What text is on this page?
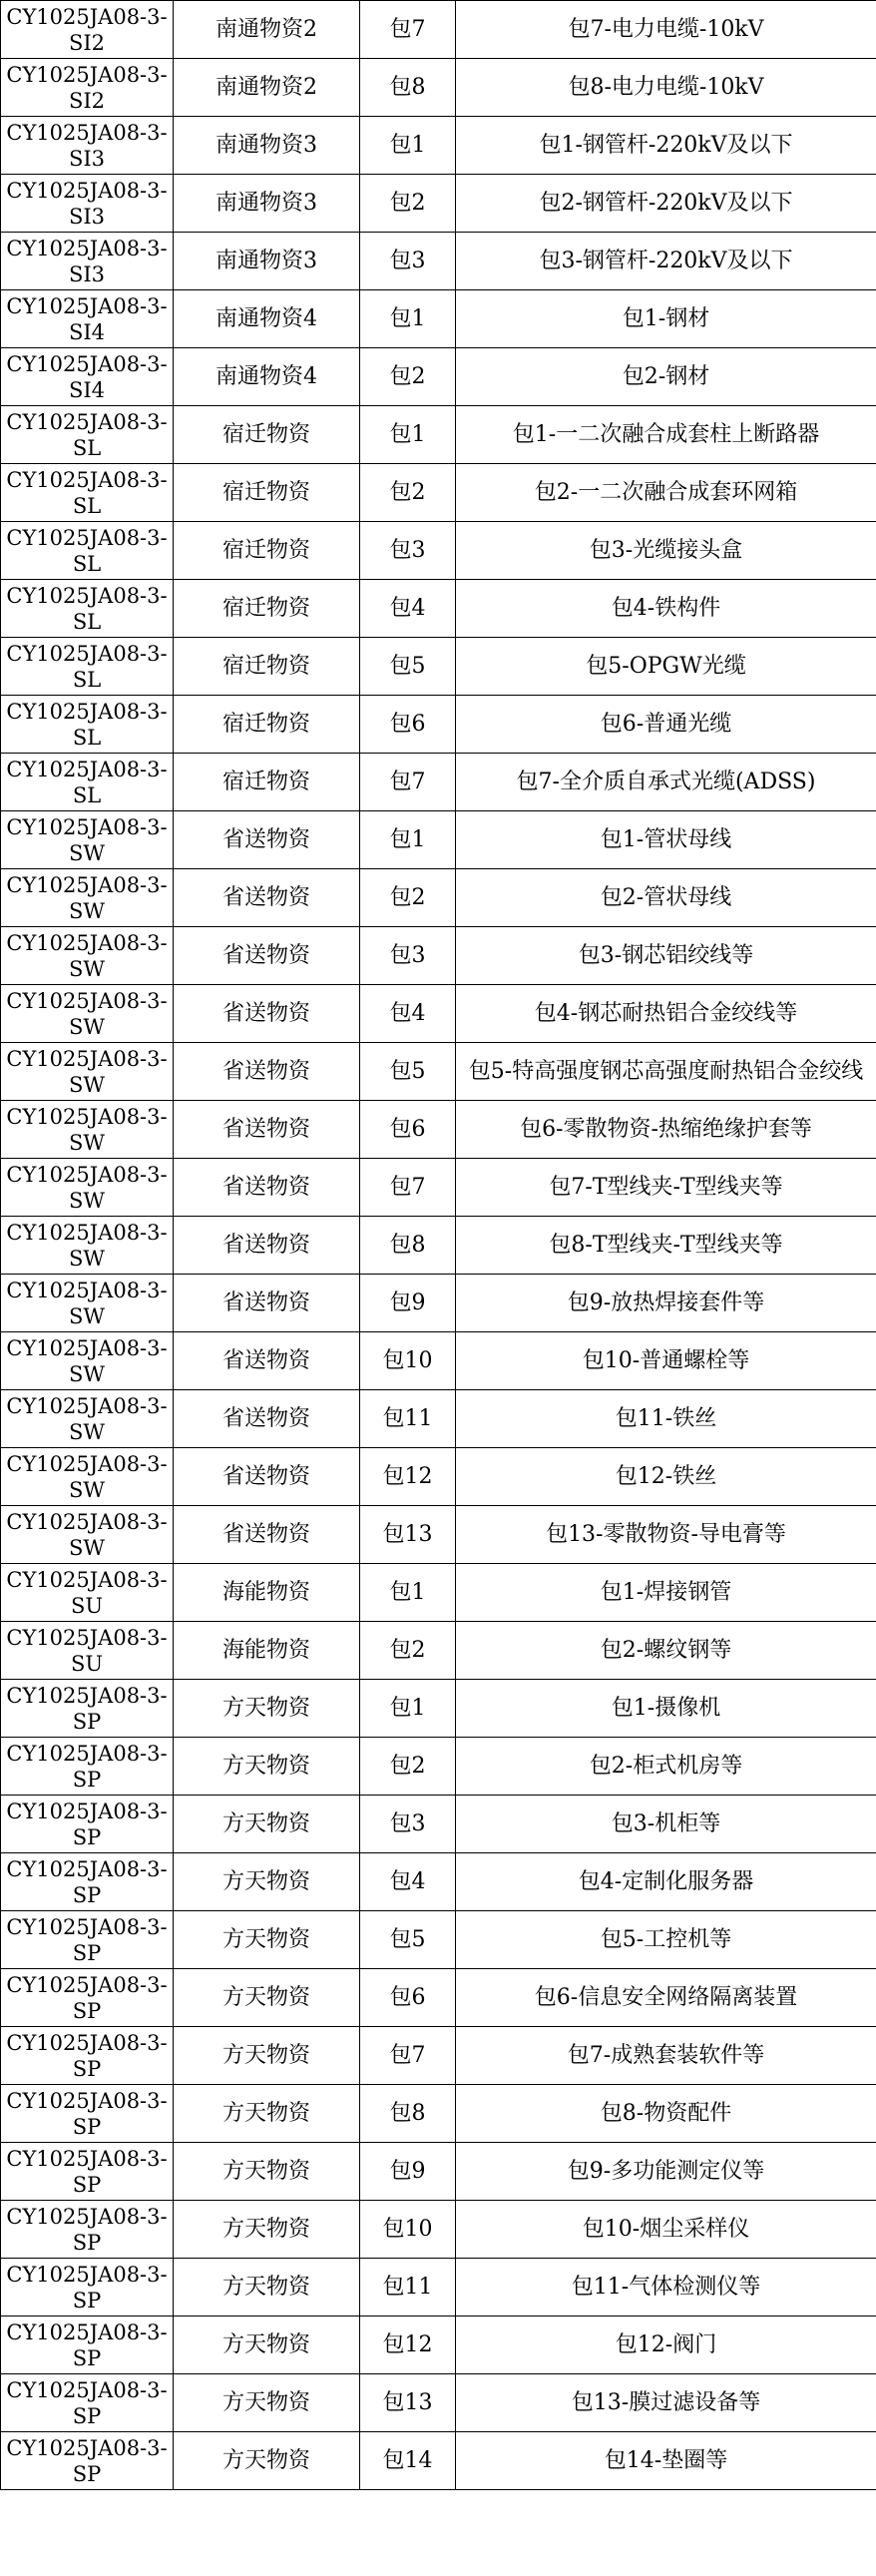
CY1025JA08-3-
SI2	南通物资2	包7	包7-电力电缆-10kV

CY1025JA08-3-
SI2	南通物资2	包8	包8-电力电缆-10kV

CY1025JA08-3-
SI3	南通物资3	包1	包1-钢管杆-220kV及以下

CY1025JA08-3-
SI3	南通物资3	包2	包2-钢管杆-220kV及以下

CY1025JA08-3-
SI3	南通物资3	包3	包3-钢管杆-220kV及以下

CY1025JA08-3-
SI4	南通物资4	包1	包1-钢材

CY1025JA08-3-
SI4	南通物资4	包2	包2-钢材

CY1025JA08-3-
SL	宿迁物资	包1	包1-一二次融合成套柱上断路器

CY1025JA08-3-
SL	宿迁物资	包2	包2-一二次融合成套环网箱

CY1025JA08-3-
SL	宿迁物资	包3	包3-光缆接头盒

CY1025JA08-3-
SL	宿迁物资	包4	包4-铁构件

CY1025JA08-3-
SL	宿迁物资	包5	包5-OPGW光缆

CY1025JA08-3-
SL	宿迁物资	包6	包6-普通光缆

CY1025JA08-3-
SL	宿迁物资	包7	包7-全介质自承式光缆(ADSS)

CY1025JA08-3-
SW	省送物资	包1	包1-管状母线

CY1025JA08-3-
SW	省送物资	包2	包2-管状母线

CY1025JA08-3-
SW	省送物资	包3	包3-钢芯铝绞线等

CY1025JA08-3-
SW	省送物资	包4	包4-钢芯耐热铝合金绞线等

CY1025JA08-3-
SW	省送物资	包5	包5-特高强度钢芯高强度耐热铝合金绞线

CY1025JA08-3-
SW	省送物资	包6	包6-零散物资-热缩绝缘护套等

CY1025JA08-3-
SW	省送物资	包7	包7-T型线夹-T型线夹等

CY1025JA08-3-
SW	省送物资	包8	包8-T型线夹-T型线夹等

CY1025JA08-3-
SW	省送物资	包9	包9-放热焊接套件等

CY1025JA08-3-
SW	省送物资	包10	包10-普通螺栓等

CY1025JA08-3-
SW	省送物资	包11	包11-铁丝

CY1025JA08-3-
SW	省送物资	包12	包12-铁丝

CY1025JA08-3-
SW	省送物资	包13	包13-零散物资-导电膏等

CY1025JA08-3-
SU	海能物资	包1	包1-焊接钢管

CY1025JA08-3-
SU	海能物资	包2	包2-螺纹钢等

CY1025JA08-3-
SP	方天物资	包1	包1-摄像机

CY1025JA08-3-
SP	方天物资	包2	包2-柜式机房等

CY1025JA08-3-
SP	方天物资	包3	包3-机柜等

CY1025JA08-3-
SP	方天物资	包4	包4-定制化服务器

CY1025JA08-3-
SP	方天物资	包5	包5-工控机等

CY1025JA08-3-
SP	方天物资	包6	包6-信息安全网络隔离装置

CY1025JA08-3-
SP	方天物资	包7	包7-成熟套装软件等

CY1025JA08-3-
SP	方天物资	包8	包8-物资配件

CY1025JA08-3-
SP	方天物资	包9	包9-多功能测定仪等

CY1025JA08-3-
SP	方天物资	包10	包10-烟尘采样仪

CY1025JA08-3-
SP	方天物资	包11	包11-气体检测仪等

CY1025JA08-3-
SP	方天物资	包12	包12-阀门

CY1025JA08-3-
SP	方天物资	包13	包13-膜过滤设备等

CY1025JA08-3-
SP	方天物资	包14	包14-垫圈等
